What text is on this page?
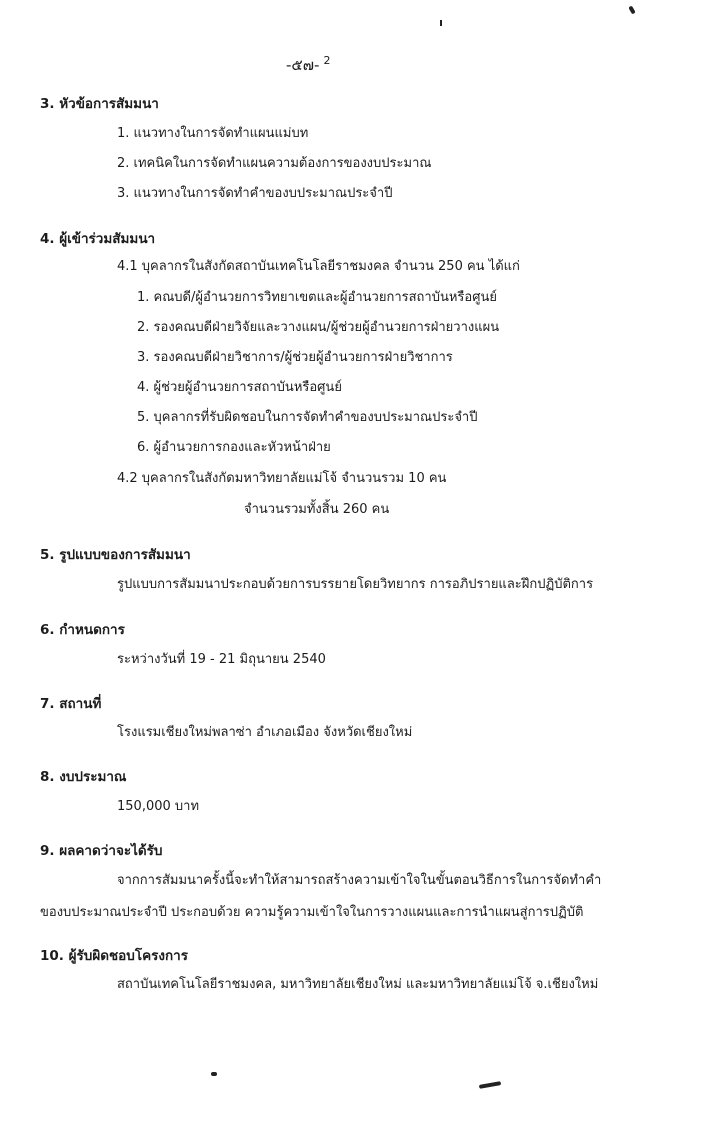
-๕๗- $^2$
3. หัวข้อการสัมมนา
1. แนวทางในการจัดทำแผนแม่บท
2. เทคนิคในการจัดทำแผนความต้องการของงบประมาณ
3. แนวทางในการจัดทำคำของบประมาณประจำปี
4. ผู้เข้าร่วมสัมมนา
4.1 บุคลากรในสังกัดสถาบันเทคโนโลยีราชมงคล จำนวน 250 คน ได้แก่
1. คณบดี/ผู้อำนวยการวิทยาเขตและผู้อำนวยการสถาบันหรือศูนย์
2. รองคณบดีฝ่ายวิจัยและวางแผน/ผู้ช่วยผู้อำนวยการฝ่ายวางแผน
3. รองคณบดีฝ่ายวิชาการ/ผู้ช่วยผู้อำนวยการฝ่ายวิชาการ
4. ผู้ช่วยผู้อำนวยการสถาบันหรือศูนย์
5. บุคลากรที่รับผิดชอบในการจัดทำคำของบประมาณประจำปี
6. ผู้อำนวยการกองและหัวหน้าฝ่าย
4.2 บุคลากรในสังกัดมหาวิทยาลัยแม่โจ้ จำนวนรวม 10 คน
จำนวนรวมทั้งสิ้น 260 คน
5. รูปแบบของการสัมมนา
รูปแบบการสัมมนาประกอบด้วยการบรรยายโดยวิทยากร การอภิปรายและฝึกปฏิบัติการ
6. กำหนดการ
ระหว่างวันที่ 19 - 21 มิถุนายน 2540
7. สถานที่
โรงแรมเชียงใหม่พลาซ่า อำเภอเมือง จังหวัดเชียงใหม่
8. งบประมาณ
150,000 บาท
9. ผลคาดว่าจะได้รับ
จากการสัมมนาครั้งนี้จะทำให้สามารถสร้างความเข้าใจในขั้นตอนวิธีการในการจัดทำคำ
ของบประมาณประจำปี ประกอบด้วย ความรู้ความเข้าใจในการวางแผนและการนำแผนสู่การปฏิบัติ
10. ผู้รับผิดชอบโครงการ
สถาบันเทคโนโลยีราชมงคล, มหาวิทยาลัยเชียงใหม่ และมหาวิทยาลัยแม่โจ้ จ.เชียงใหม่
